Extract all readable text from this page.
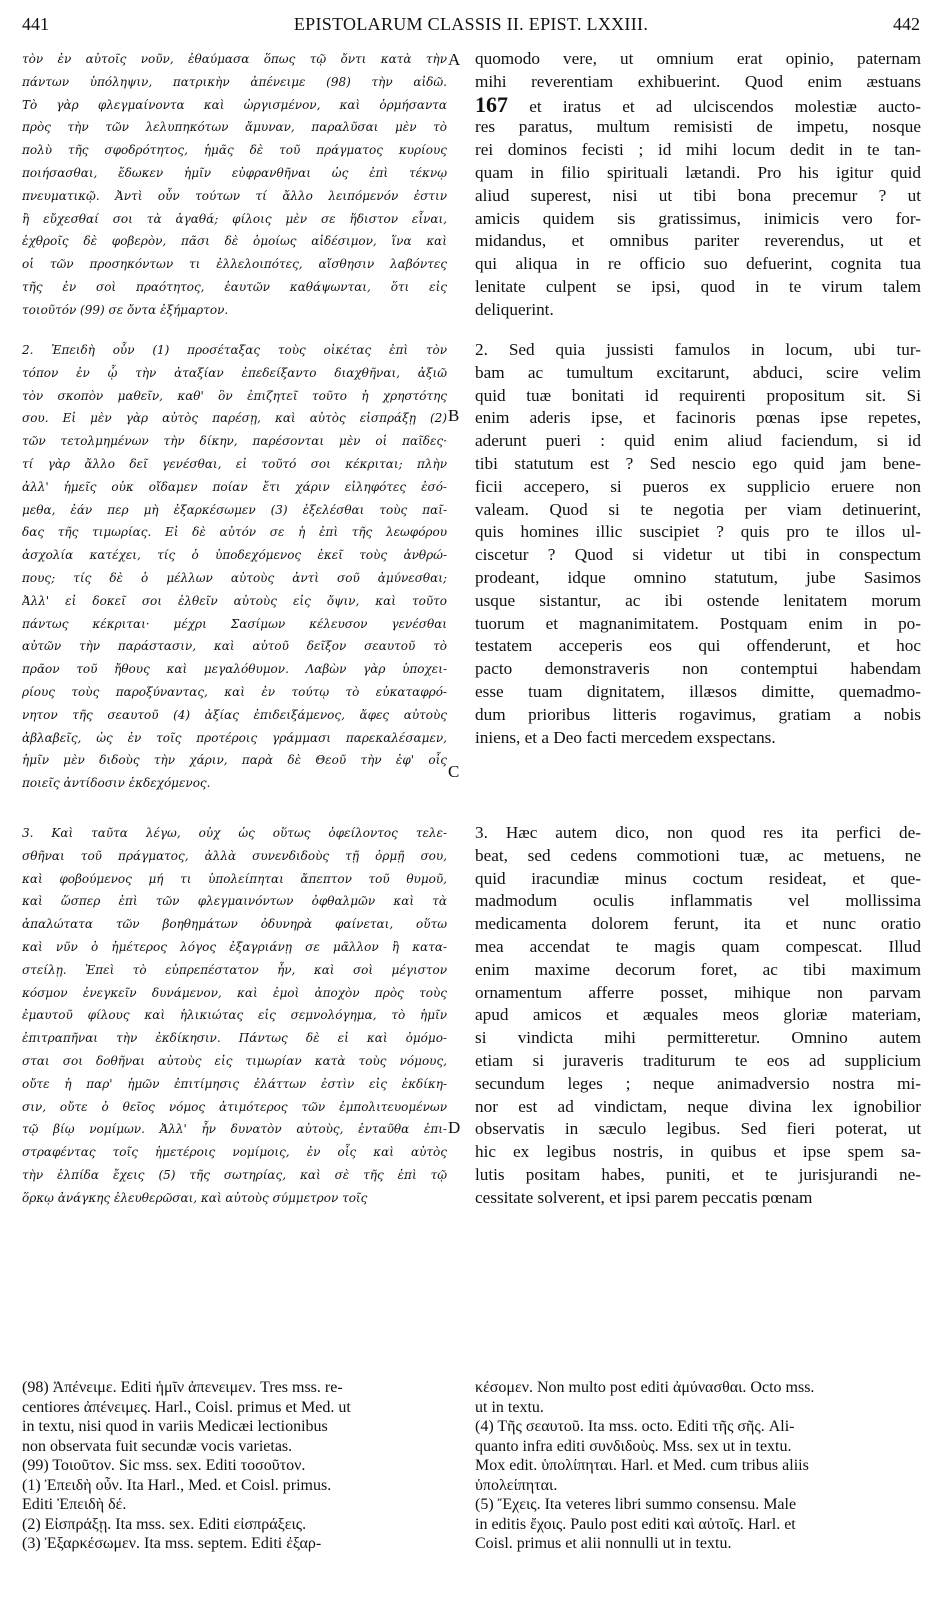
EPISTOLARUM CLASSIS II. EPIST. LXXIII.
441	442
τὸν ἐν αὐτοῖς νοῦν, ἐθαύμασα ὅπως τῷ ὄντι κατὰ τὴν
πάντων ὑπόληψιν, πατρικὴν ἀπένειμε (98) τὴν αἰδῶ.
Τὸ γὰρ φλεγμαίνοντα καὶ ὠργισμένον, καὶ ὁρμήσαντα
πρὸς τὴν τῶν λελυπηκότων ἄμυναν, παραλῦσαι μὲν τὸ
πολὺ τῆς σφοδρότητος, ἡμᾶς δὲ τοῦ πράγματος κυρίους
ποιήσασθαι, ἔδωκεν ἡμῖν εὐφρανθῆναι ὡς ἐπὶ τέκνῳ
πνευματικῷ. Ἀντὶ οὖν τούτων τί ἄλλο λειπόμενόν ἐστιν
ἢ εὔχεσθαί σοι τὰ ἀγαθά; φίλοις μὲν σε ἥδιστον εἶναι,
ἐχθροῖς δὲ φοβερὸν, πᾶσι δὲ ὁμοίως αἰδέσιμον, ἵνα καὶ
οἱ τῶν προσηκόντων τι ἐλλελοιπότες, αἴσθησιν λαβόντες
τῆς ἐν σοὶ πραότητος, ἑαυτῶν καθάψωνται, ὅτι εἰς
τοιοῦτόν (99) σε ὄντα ἐξήμαρτον.
2. Ἐπειδὴ οὖν (1) προσέταξας τοὺς οἰκέτας ἐπὶ τὸν
τόπον ἐν ᾧ τὴν ἀταξίαν ἐπεδείξαντο διαχθῆναι, ἀξιῶ
τὸν σκοπὸν μαθεῖν, καθ' ὃν ἐπιζητεῖ τοῦτο ἡ χρηστότης
σου. Εἰ μὲν γὰρ αὐτὸς παρέσῃ, καὶ αὐτὸς εἰσπράξῃ (2)
τῶν τετολμημένων τὴν δίκην, παρέσονται μὲν οἱ παῖδες·
τί γὰρ ἄλλο δεῖ γενέσθαι, εἰ τοῦτό σοι κέκριται; πλὴν
ἀλλ' ἡμεῖς οὐκ οἴδαμεν ποίαν ἔτι χάριν εἰληφότες ἐσό-
μεθα, ἐάν περ μὴ ἐξαρκέσωμεν (3) ἐξελέσθαι τοὺς παῖ-
δας τῆς τιμωρίας. Εἰ δὲ αὐτόν σε ἡ ἐπὶ τῆς λεωφόρου
ἀσχολία κατέχει, τίς ὁ ὑποδεχόμενος ἐκεῖ τοὺς ἀνθρώ-
πους; τίς δὲ ὁ μέλλων αὐτοὺς ἀντὶ σοῦ ἀμύνεσθαι;
Ἀλλ' εἰ δοκεῖ σοι ἐλθεῖν αὐτοὺς εἰς ὄψιν, καὶ τοῦτο
πάντως κέκριται· μέχρι Σασίμων κέλευσον γενέσθαι
αὐτῶν τὴν παράστασιν, καὶ αὐτοῦ δεῖξον σεαυτοῦ τὸ
πρᾶον τοῦ ἤθους καὶ μεγαλόθυμον. Λαβὼν γὰρ ὑποχει-
ρίους τοὺς παροξύναντας, καὶ ἐν τούτῳ τὸ εὐκαταφρό-
νητον τῆς σεαυτοῦ (4) ἀξίας ἐπιδειξάμενος, ἄφες αὐτοὺς
ἀβλαβεῖς, ὡς ἐν τοῖς προτέροις γράμμασι παρεκαλέσαμεν,
ἡμῖν μὲν διδοὺς τὴν χάριν, παρὰ δὲ Θεοῦ τὴν ἐφ' οἷς
ποιεῖς ἀντίδοσιν ἐκδεχόμενος.
3. Καὶ ταῦτα λέγω, οὐχ ὡς οὕτως ὀφείλοντος τελε-
σθῆναι τοῦ πράγματος, ἀλλὰ συνενδιδοὺς τῇ ὁρμῇ σου,
καὶ φοβούμενος μή τι ὑπολείπηται ἄπεπτον τοῦ θυμοῦ,
καὶ ὥσπερ ἐπὶ τῶν φλεγμαινόντων ὀφθαλμῶν καὶ τὰ
ἁπαλώτατα τῶν βοηθημάτων ὀδυνηρὰ φαίνεται, οὕτω
καὶ νῦν ὁ ἡμέτερος λόγος ἐξαγριάνῃ σε μᾶλλον ἢ κατα-
στείλῃ. Ἐπεὶ τὸ εὐπρεπέστατον ἦν, καὶ σοὶ μέγιστον
κόσμον ἐνεγκεῖν δυνάμενον, καὶ ἐμοὶ ἀποχὸν πρὸς τοὺς
ἐμαυτοῦ φίλους καὶ ἡλικιώτας εἰς σεμνολόγημα, τὸ ἡμῖν
ἐπιτραπῆναι τὴν ἐκδίκησιν. Πάντως δὲ εἰ καὶ ὀμόμο-
σται σοι δοθῆναι αὐτοὺς εἰς τιμωρίαν κατὰ τοὺς νόμους,
οὔτε ἡ παρ' ἡμῶν ἐπιτίμησις ἐλάττων ἐστὶν εἰς ἐκδίκη-
σιν, οὔτε ὁ θεῖος νόμος ἀτιμότερος τῶν ἐμπολιτευομένων
τῷ βίῳ νομίμων. Ἀλλ' ἦν δυνατὸν αὐτοὺς, ἐνταῦθα ἐπι-
στραφέντας τοῖς ἡμετέροις νομίμοις, ἐν οἷς καὶ αὐτὸς
τὴν ἐλπίδα ἔχεις (5) τῆς σωτηρίας, καὶ σὲ τῆς ἐπὶ τῷ
ὅρκῳ ἀνάγκης ἐλευθερῶσαι, καὶ αὐτοὺς σύμμετρον τοῖς
quomodo vere, ut omnium erat opinio, paternam
mihi reverentiam exhibuerint. Quod enim æstuans
167 et iratus et ad ulciscendos molestiæ aucto-
res paratus, multum remisisti de impetu, nosque
rei dominos fecisti ; id mihi locum dedit in te tan-
quam in filio spirituali lætandi. Pro his igitur quid
aliud superest, nisi ut tibi bona precemur ? ut
amicis quidem sis gratissimus, inimicis vero for-
midandus, et omnibus pariter reverendus, ut et
qui aliqua in re officio suo defuerint, cognita tua
lenitate culpent se ipsi, quod in te virum talem
deliquerint.
2. Sed quia jussisti famulos in locum, ubi tur-
bam ac tumultum excitarunt, abduci, scire velim
quid tuæ bonitati id requirenti propositum sit. Si
enim aderis ipse, et facinoris pœnas ipse repetes,
aderunt pueri : quid enim aliud faciendum, si id
tibi statutum est ? Sed nescio ego quid jam bene-
ficii accepero, si pueros ex supplicio eruere non
valeam. Quod si te negotia per viam detinuerint,
quis homines illic suscipiet ? quis pro te illos ul-
ciscetur ? Quod si videtur ut tibi in conspectum
prodeant, idque omnino statutum, jube Sasimos
usque sistantur, ac ibi ostende lenitatem morum
tuorum et magnanimitatem. Postquam enim in po-
testatem acceperis eos qui offenderunt, et hoc
pacto demonstraveris non contemptui habendam
esse tuam dignitatem, illæsos dimitte, quemadmo-
dum prioribus litteris rogavimus, gratiam a nobis
iniens, et a Deo facti mercedem exspectans.
3. Hæc autem dico, non quod res ita perfici de-
beat, sed cedens commotioni tuæ, ac metuens, ne
quid iracundiæ minus coctum resideat, et que-
madmodum oculis inflammatis vel mollissima
medicamenta dolorem ferunt, ita et nunc oratio
mea accendat te magis quam compescat. Illud
enim maxime decorum foret, ac tibi maximum
ornamentum afferre posset, mihique non parvam
apud amicos et æquales meos gloriæ materiam,
si vindicta mihi permitteretur. Omnino autem
etiam si juraveris traditurum te eos ad supplicium
secundum leges ; neque animadversio nostra mi-
nor est ad vindictam, neque divina lex ignobilior
observatis in sæculo legibus. Sed fieri poterat, ut
hic ex legibus nostris, in quibus et ipse spem sa-
lutis positam habes, puniti, et te jurisjurandi ne-
cessitate solverent, et ipsi parem peccatis pœnam
A
B
C
D
(98) Ἀπένειμε. Editi ἡμῖν ἀπενειμεν. Tres mss. re-
centiores ἀπένειμες. Harl., Coisl. primus et Med. ut
in textu, nisi quod in variis Medicæi lectionibus
non observata fuit secundæ vocis varietas.
(99) Τοιοῦτον. Sic mss. sex. Editi τοσοῦτον.
(1) Ἐπειδὴ οὖν. Ita Harl., Med. et Coisl. primus.
Editi Ἐπειδὴ δέ.
(2) Εἰσπράξῃ. Ita mss. sex. Editi εἰσπράξεις.
(3) Ἐξαρκέσωμεν. Ita mss. septem. Editi ἐξαρ-
κέσομεν. Non multo post editi ἀμύνασθαι. Octo mss.
ut in textu.
(4) Τῆς σεαυτοῦ. Ita mss. octo. Editi τῆς σῆς. Ali-
quanto infra editi συνδιδοὺς. Mss. sex ut in textu.
Mox edit. ὑπολίπηται. Harl. et Med. cum tribus aliis
ὑπολείπηται.
(5) Ἔχεις. Ita veteres libri summo consensu. Male
in editis ἔχοις. Paulo post editi καὶ αὐτοῖς. Harl. et
Coisl. primus et alii nonnulli ut in textu.
